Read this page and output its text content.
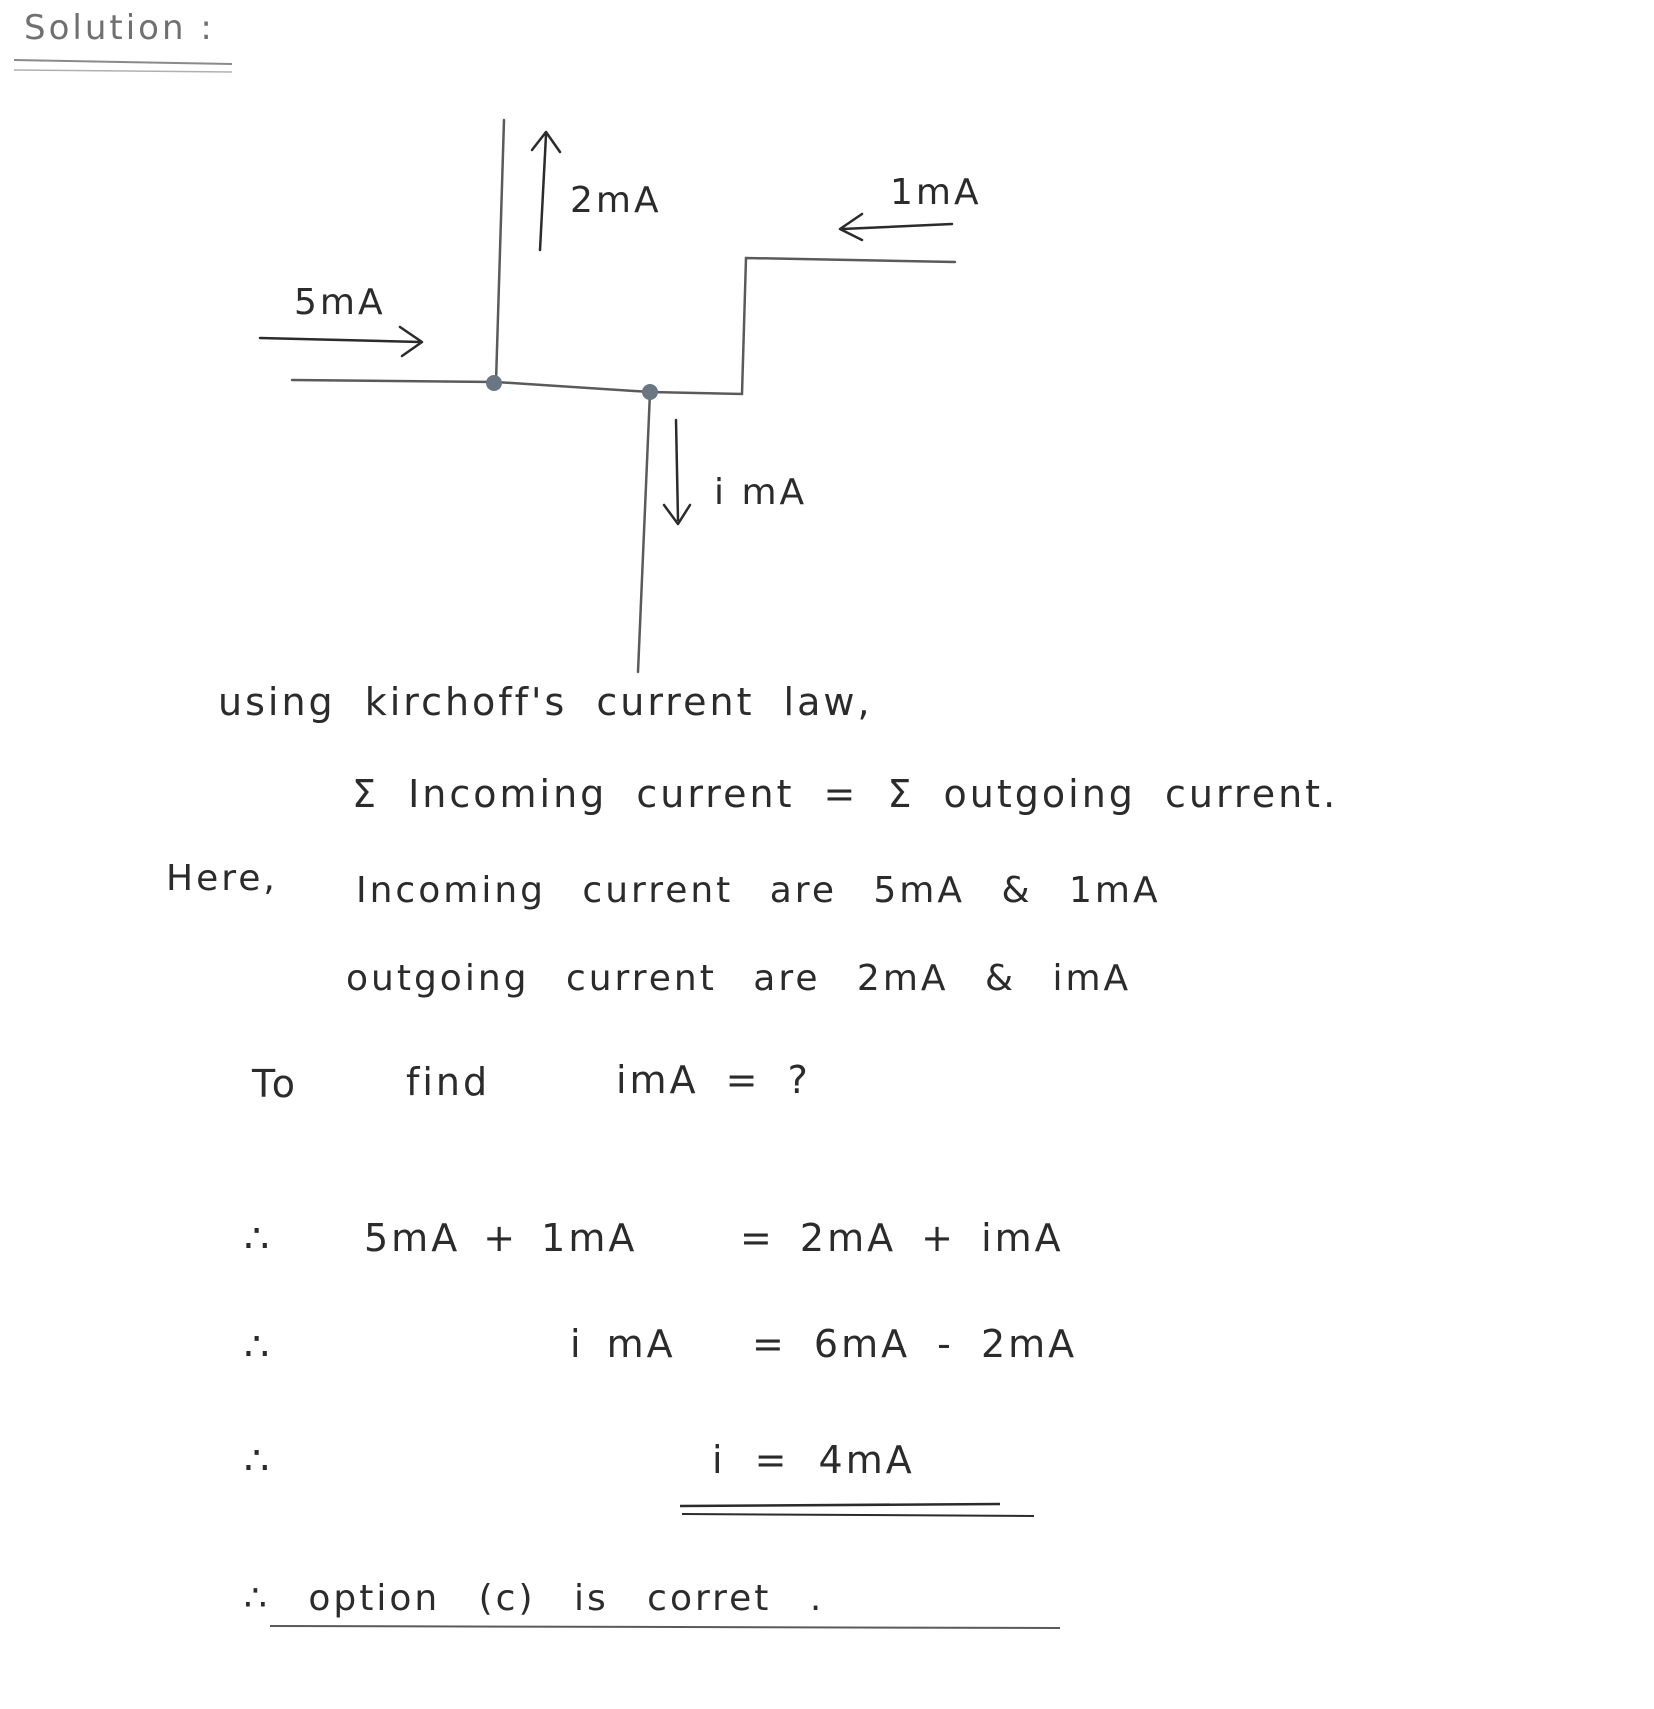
Solution :
2mA	1mA
5mA
i mA
using kirchoff's current law,
Σ Incoming current = Σ outgoing current.
Here, Incoming current are 5mA & 1mA
outgoing current are 2mA & imA
To	find	imA = ?
∴ 5mA + 1mA	= 2mA + imA
∴	i mA = 6mA - 2mA
∴	i = 4mA
∴ option (c) is corret .
